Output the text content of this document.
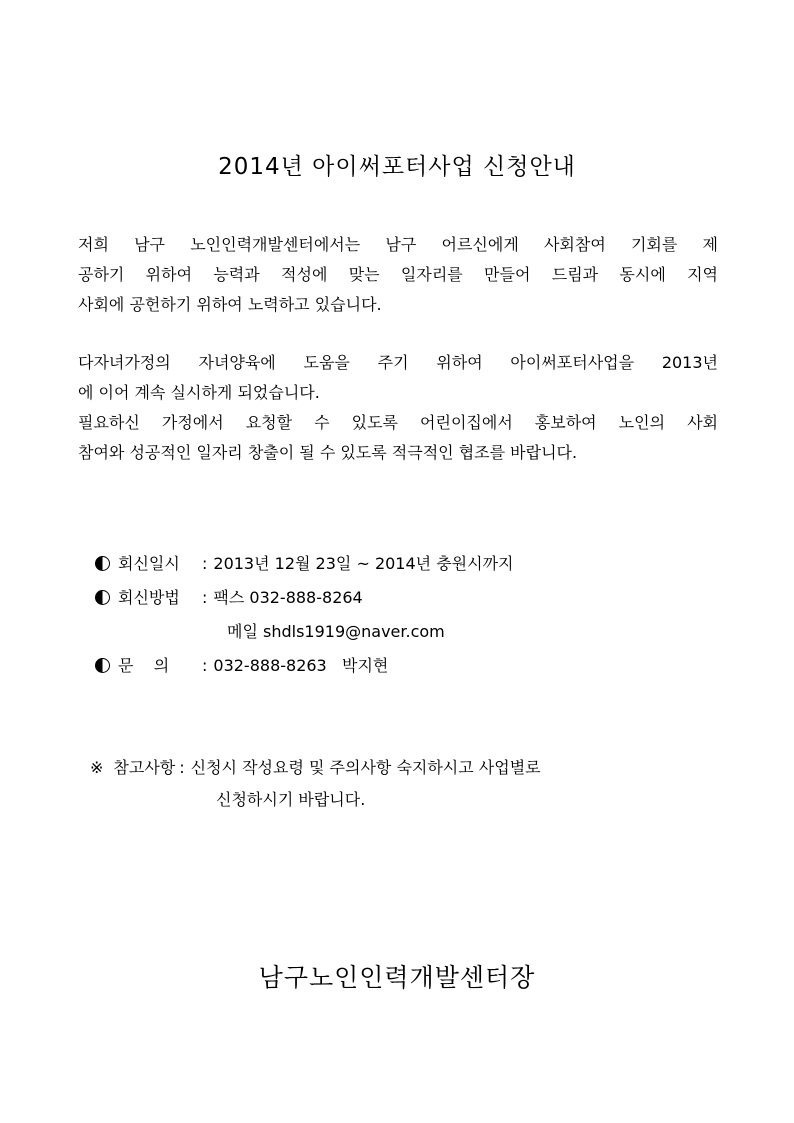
2014년 아이써포터사업 신청안내
저희 남구 노인인력개발센터에서는 남구 어르신에게 사회참여 기회를 제
공하기 위하여 능력과 적성에 맞는 일자리를 만들어 드림과 동시에 지역
사회에 공헌하기 위하여 노력하고 있습니다.
다자녀가정의 자녀양육에 도움을 주기 위하여 아이써포터사업을 2013년
에 이어 계속 실시하게 되었습니다.
필요하신 가정에서 요청할 수 있도록 어린이집에서 홍보하여 노인의 사회
참여와 성공적인 일자리 창출이 될 수 있도록 적극적인 협조를 바랍니다.
회신일시 : 2013년 12월 23일 ~ 2014년 충원시까지
회신방법 : 팩스 032-888-8264
메일 shdls1919@naver.com
문    의 : 032-888-8263   박지현
※ 참고사항 : 신청시 작성요령 및 주의사항 숙지하시고 사업별로
신청하시기 바랍니다.
남구노인인력개발센터장
